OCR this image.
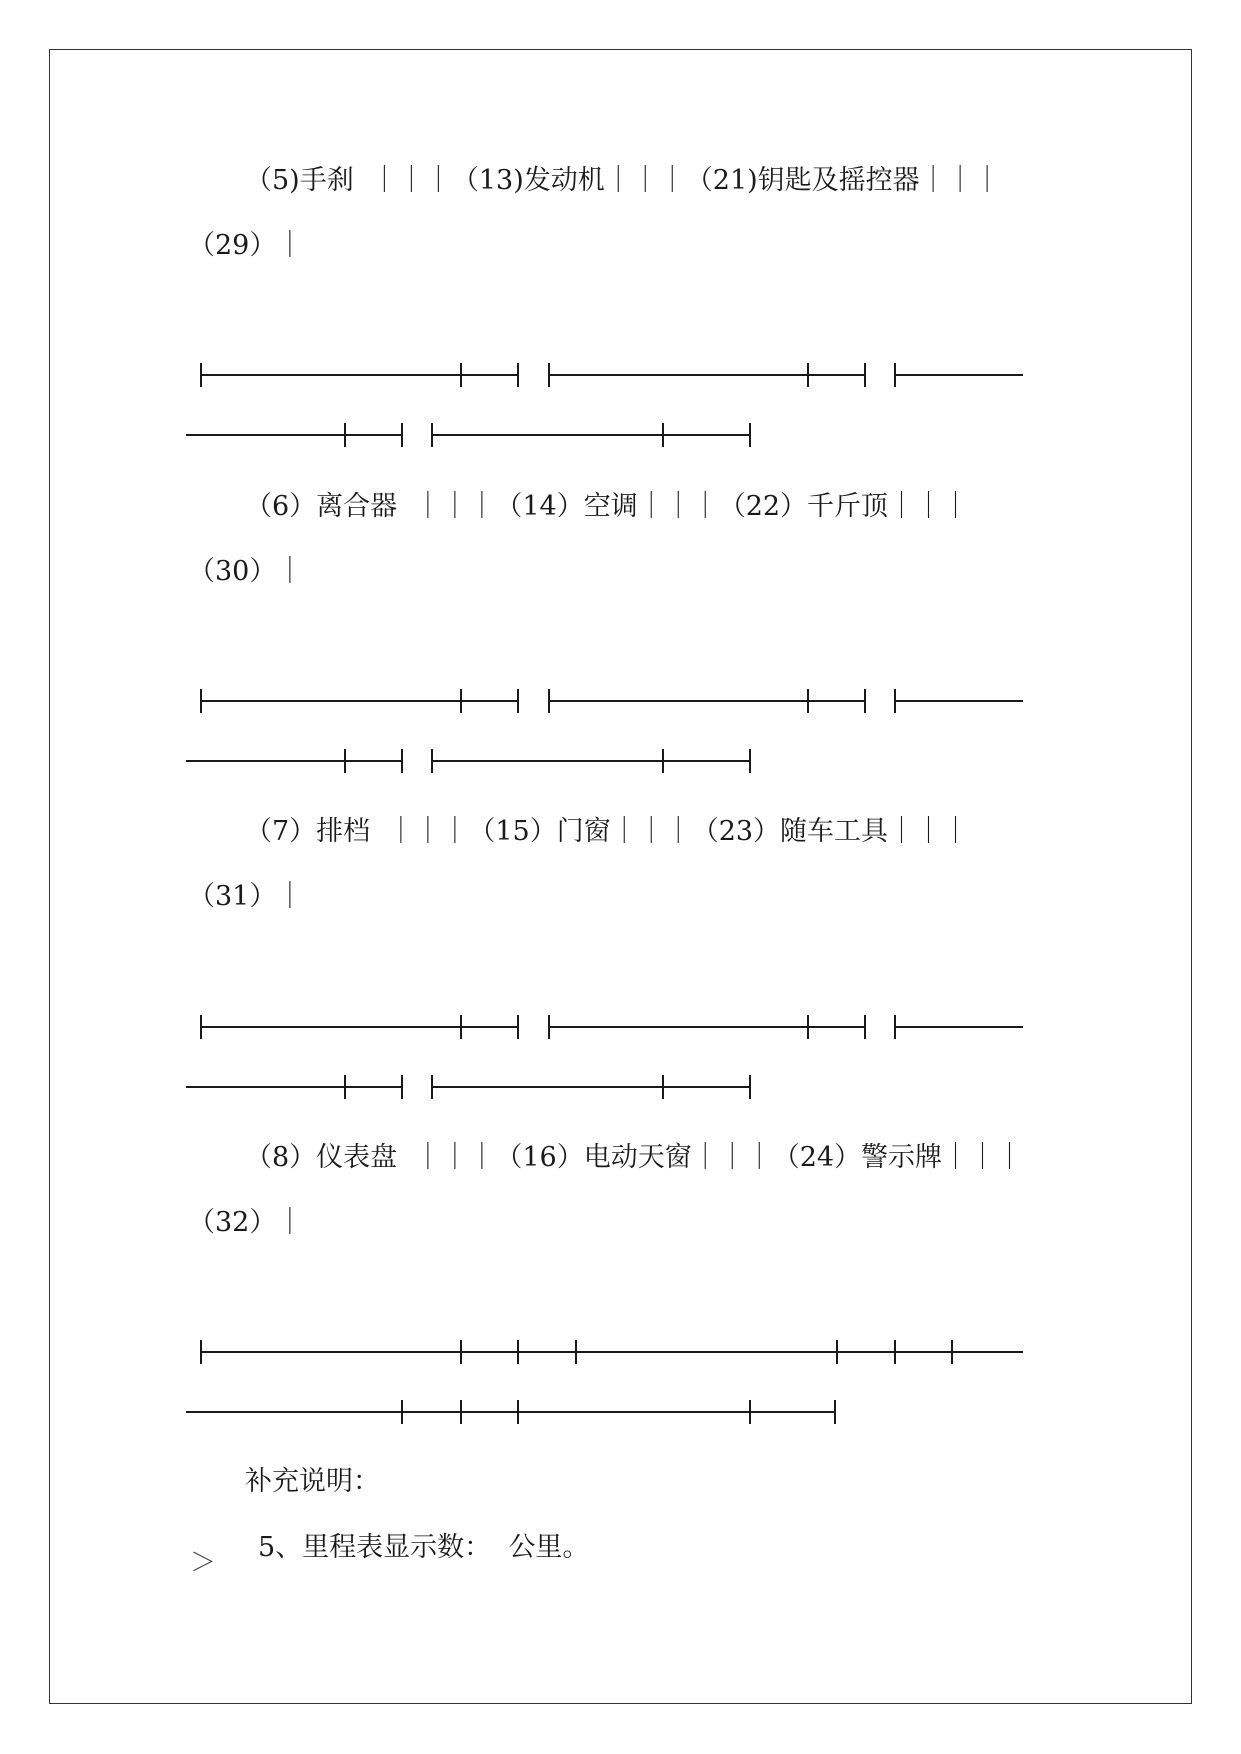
（5)手刹  ｜｜｜（13)发动机｜｜｜（21)钥匙及摇控器｜｜｜
（29）｜
（6）离合器  ｜｜｜（14）空调｜｜｜（22）千斤顶｜｜｜
（30）｜
（7）排档  ｜｜｜（15）门窗｜｜｜（23）随车工具｜｜｜
（31）｜
（8）仪表盘  ｜｜｜（16）电动天窗｜｜｜（24）警示牌｜｜｜
（32）｜
补充说明：
＞ 5、里程表显示数：  公里。
